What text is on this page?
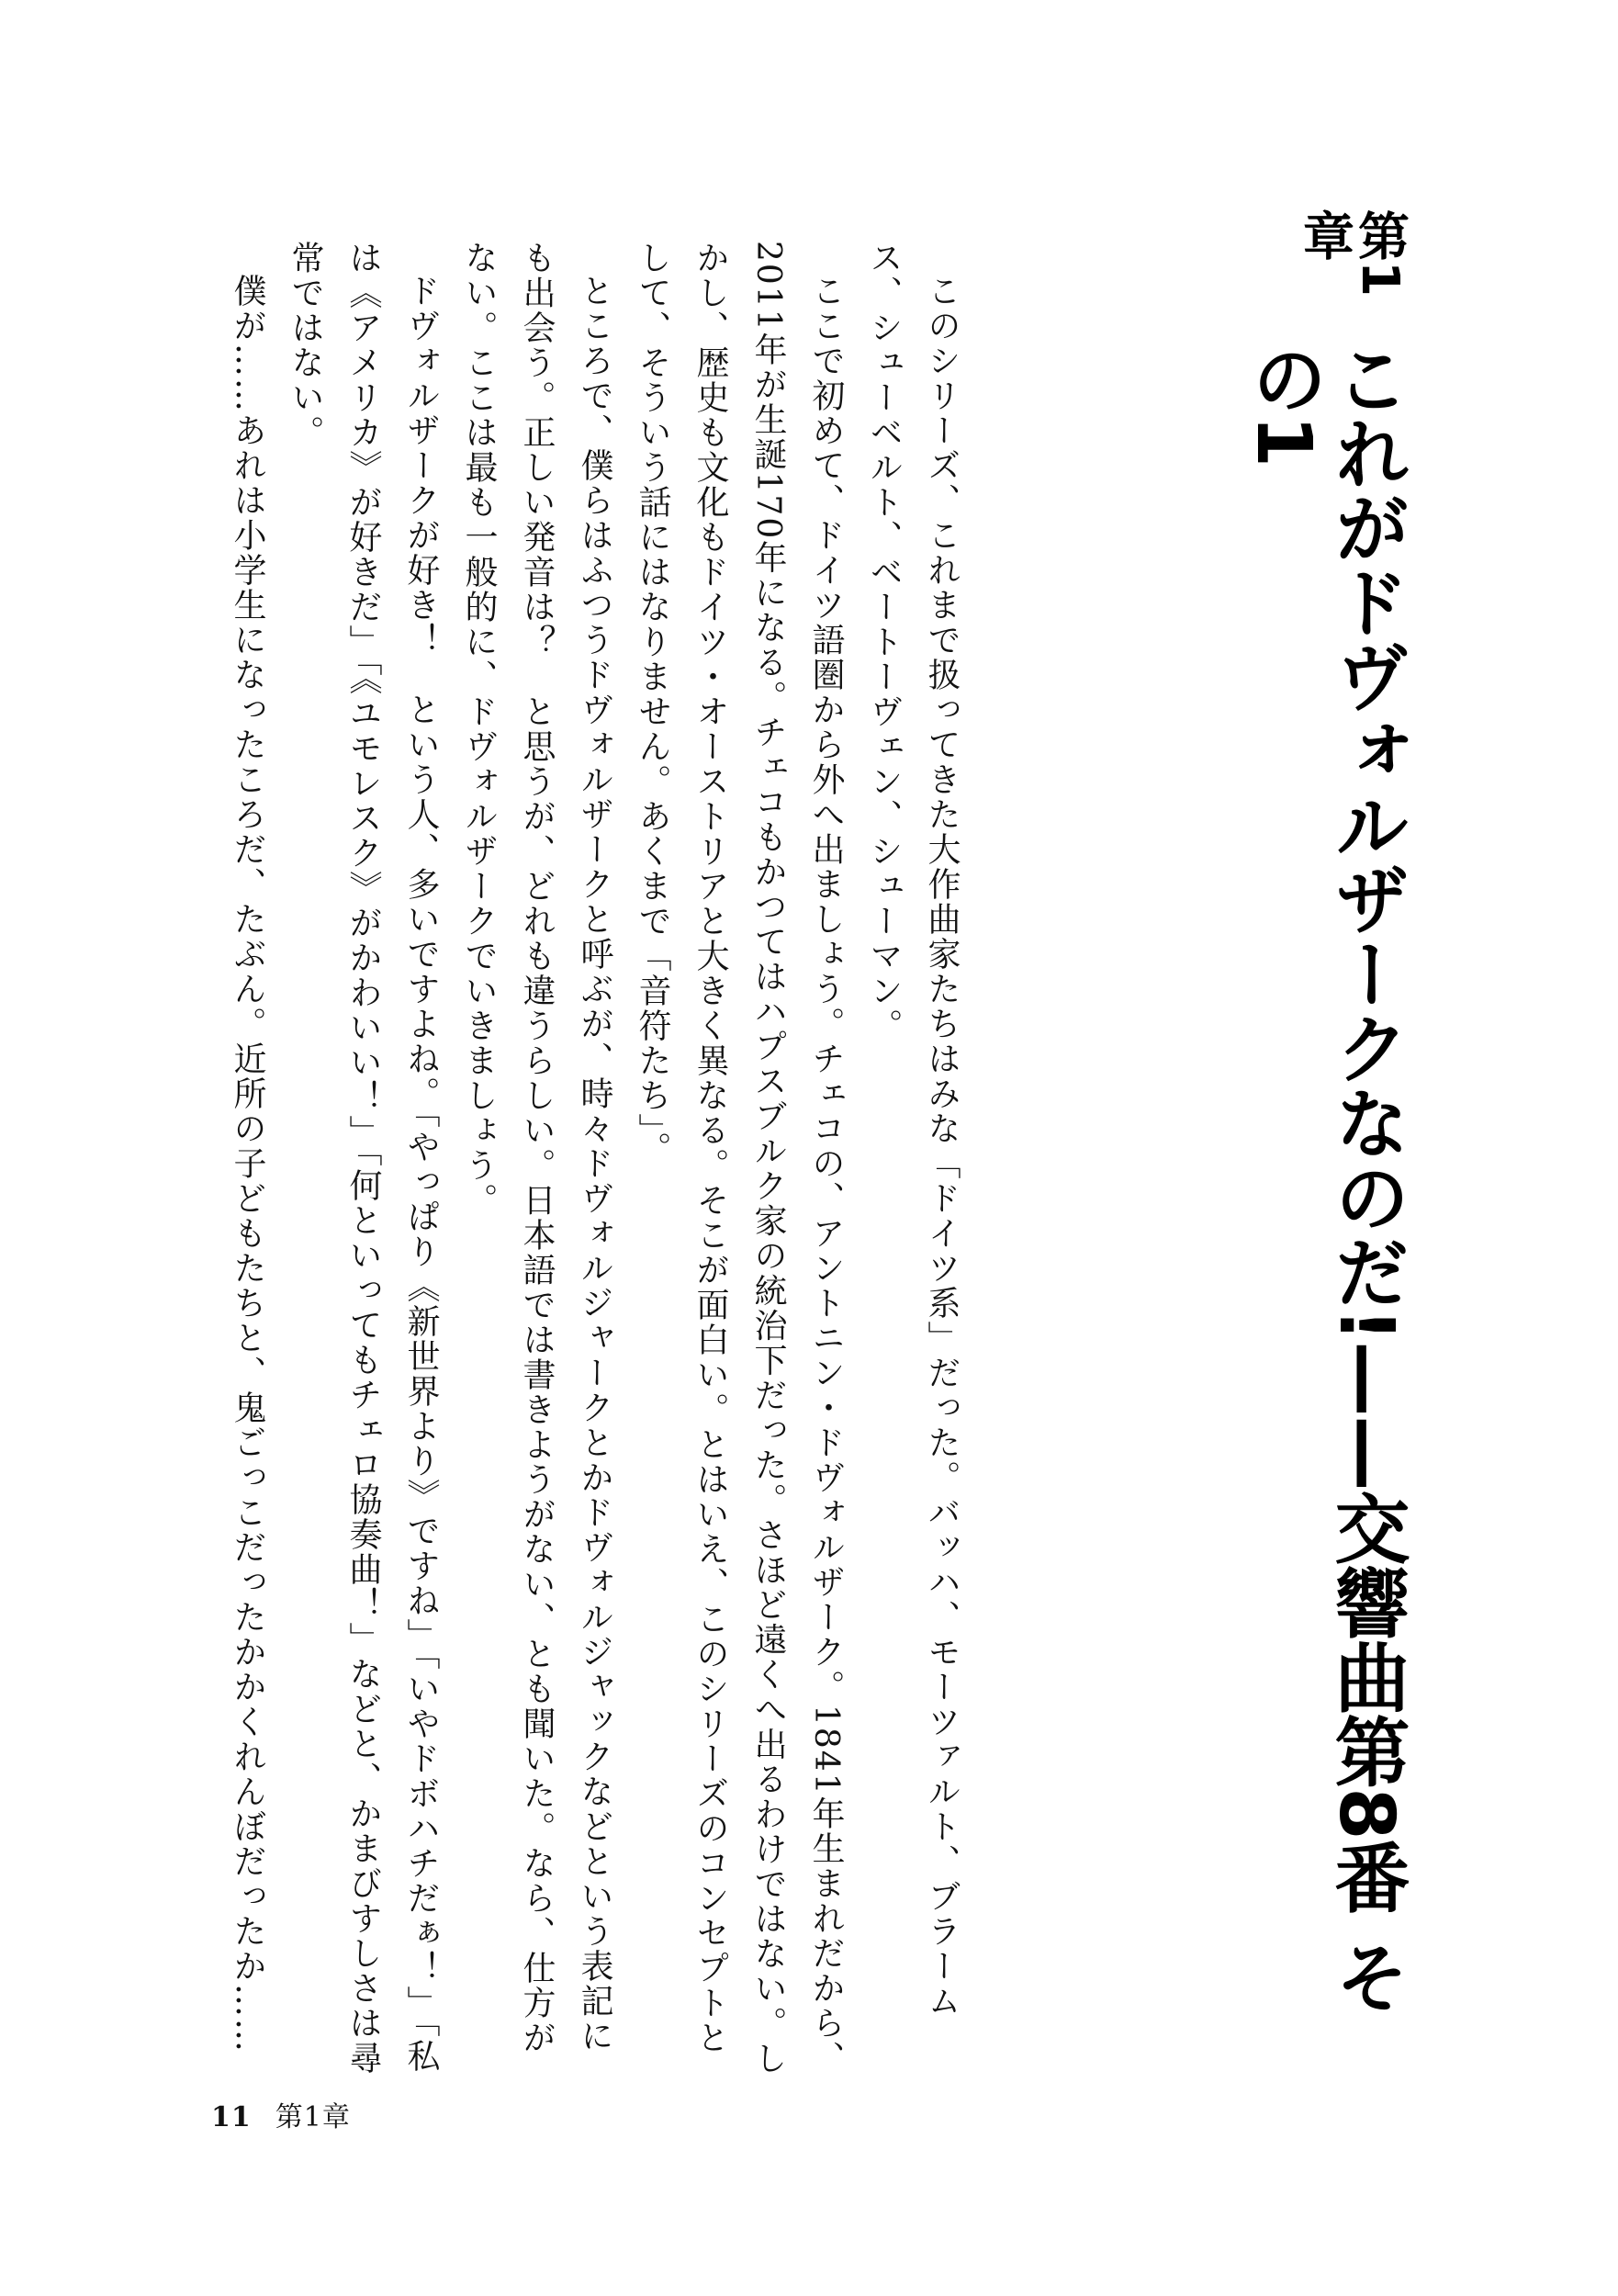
第1章
これがドヴォルザークなのだ!——交響曲第8番 その1

このシリーズ、これまで扱ってきた大作曲家たちはみな「ドイツ系」だった。バッハ、モーツァルト、ブラームス、シューベルト、ベートーヴェン、シューマン。

ここで初めて、ドイツ語圏から外へ出ましょう。チェコの、アントニン・ドヴォルザーク。1841年生まれだから、2011年が生誕170年になる。チェコもかつてはハプスブルク家の統治下だった。さほど遠くへ出るわけではない。しかし、歴史も文化もドイツ・オーストリアと大きく異なる。そこが面白い。とはいえ、このシリーズのコンセプトとして、そういう話にはなりません。あくまで「音符たち」。

ところで、僕らはふつうドヴォルザークと呼ぶが、時々ドヴォルジャークとかドヴォルジャックなどという表記にも出会う。正しい発音は？　と思うが、どれも違うらしい。日本語では書きようがない、とも聞いた。なら、仕方がない。ここは最も一般的に、ドヴォルザークでいきましょう。

ドヴォルザークが好き！　という人、多いですよね。「やっぱり《新世界より》ですね」「いやドボハチだぁ！」「私は《アメリカ》が好きだ」「《ユモレスク》がかわいい！」「何といってもチェロ協奏曲！」などと、かまびすしさは尋常ではない。

僕が……あれは小学生になったころだ、たぶん。近所の子どもたちと、鬼ごっこだったかかくれんぼだったか……

11 第1章
